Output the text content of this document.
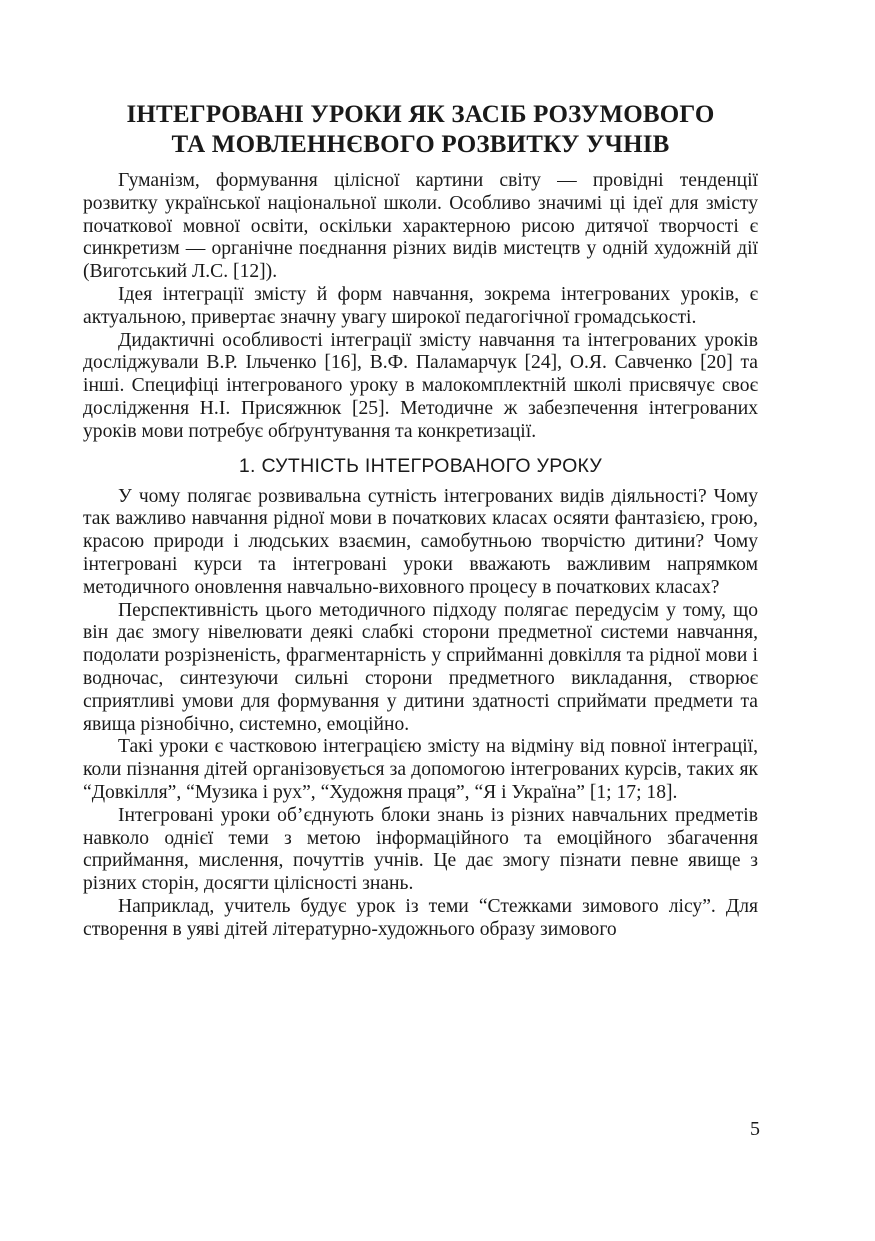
ІНТЕГРОВАНІ УРОКИ ЯК ЗАСІБ РОЗУМОВОГО
ТА МОВЛЕННЄВОГО РОЗВИТКУ УЧНІВ

Гуманізм, формування цілісної картини світу — провідні тенденції розвитку української національної школи. Особливо значимі ці ідеї для змісту початкової мовної освіти, оскільки характерною рисою дитячої творчості є синкретизм — органічне поєднання різних видів мистецтв у одній художній дії (Виготський Л.С. [12]).

Ідея інтеграції змісту й форм навчання, зокрема інтегрованих уроків, є актуальною, привертає значну увагу широкої педагогічної громадськості.

Дидактичні особливості інтеграції змісту навчання та інтегрованих уроків досліджували В.Р. Ільченко [16], В.Ф. Паламарчук [24], О.Я. Савченко [20] та інші. Специфіці інтегрованого уроку в малокомплектній школі присвячує своє дослідження Н.І. Присяжнюк [25]. Методичне ж забезпечення інтегрованих уроків мови потребує обґрунтування та конкретизації.

1. СУТНІСТЬ ІНТЕГРОВАНОГО УРОКУ

У чому полягає розвивальна сутність інтегрованих видів діяльності? Чому так важливо навчання рідної мови в початкових класах осяяти фантазією, грою, красою природи і людських взаємин, самобутньою творчістю дитини? Чому інтегровані курси та інтегровані уроки вважають важливим напрямком методичного оновлення навчально-виховного процесу в початкових класах?

Перспективність цього методичного підходу полягає передусім у тому, що він дає змогу нівелювати деякі слабкі сторони предметної системи навчання, подолати розрізненість, фрагментарність у сприйманні довкілля та рідної мови і водночас, синтезуючи сильні сторони предметного викладання, створює сприятливі умови для формування у дитини здатності сприймати предмети та явища різнобічно, системно, емоційно.

Такі уроки є частковою інтеграцією змісту на відміну від повної інтеграції, коли пізнання дітей організовується за допомогою інтегрованих курсів, таких як “Довкілля”, “Музика і рух”, “Художня праця”, “Я і Україна” [1; 17; 18].

Інтегровані уроки об’єднують блоки знань із різних навчальних предметів навколо однієї теми з метою інформаційного та емоційного збагачення сприймання, мислення, почуттів учнів. Це дає змогу пізнати певне явище з різних сторін, досягти цілісності знань.

Наприклад, учитель будує урок із теми “Стежками зимового лісу”. Для створення в уяві дітей літературно-художнього образу зимового

5
